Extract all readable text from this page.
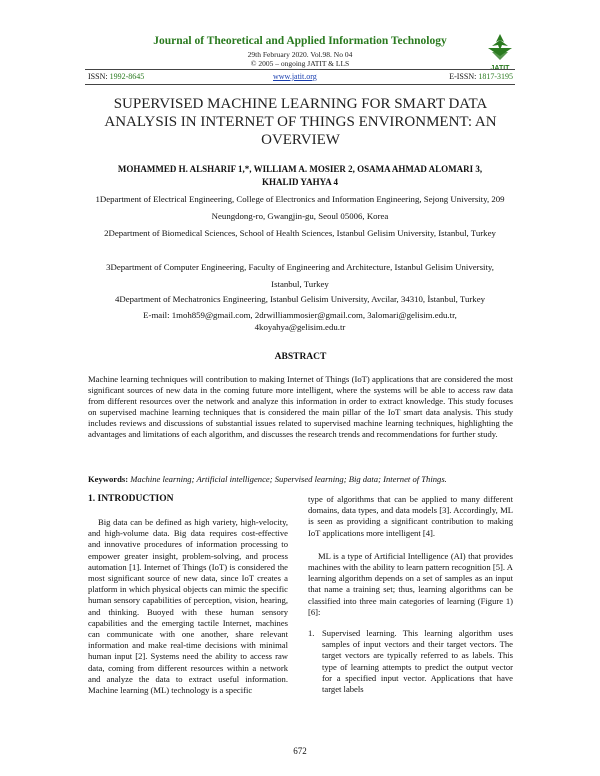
Journal of Theoretical and Applied Information Technology
29th February 2020. Vol.98. No 04
© 2005 – ongoing JATIT & LLS
JATIT
ISSN: 1992-8645	www.jatit.org	E-ISSN: 1817-3195
SUPERVISED MACHINE LEARNING FOR SMART DATA ANALYSIS IN INTERNET OF THINGS ENVIRONMENT: AN OVERVIEW
MOHAMMED H. ALSHARIF 1,*, WILLIAM A. MOSIER 2, OSAMA AHMAD ALOMARI 3,
KHALID YAHYA 4
1Department of Electrical Engineering, College of Electronics and Information Engineering, Sejong University, 209 Neungdong-ro, Gwangjin-gu, Seoul 05006, Korea
2Department of Biomedical Sciences, School of Health Sciences, Istanbul Gelisim University, Istanbul, Turkey
3Department of Computer Engineering, Faculty of Engineering and Architecture, Istanbul Gelisim University, Istanbul, Turkey
4Department of Mechatronics Engineering, Istanbul Gelisim University, Avcilar, 34310, İstanbul, Turkey
E-mail: 1moh859@gmail.com, 2drwilliammosier@gmail.com, 3alomari@gelisim.edu.tr,
4koyahya@gelisim.edu.tr
ABSTRACT
Machine learning techniques will contribution to making Internet of Things (IoT) applications that are considered the most significant sources of new data in the coming future more intelligent, where the systems will be able to access raw data from different resources over the network and analyze this information in order to extract knowledge. This study focuses on supervised machine learning techniques that is considered the main pillar of the IoT smart data analysis. This study includes reviews and discussions of substantial issues related to supervised machine learning techniques, highlighting the advantages and limitations of each algorithm, and discusses the research trends and recommendations for further study.
Keywords: Machine learning; Artificial intelligence; Supervised learning; Big data; Internet of Things.
1. INTRODUCTION
Big data can be defined as high variety, high-velocity, and high-volume data. Big data requires cost-effective and innovative procedures of information processing to empower greater insight, problem-solving, and process automation [1]. Internet of Things (IoT) is considered the most significant source of new data, since IoT creates a platform in which physical objects can mimic the specific human sensory capabilities of perception, vision, hearing, and thinking. Buoyed with these human sensory capabilities and the emerging tactile Internet, machines can communicate with one another, share relevant information and make real-time decisions with minimal human input [2]. Systems need the ability to access raw data, coming from different resources within a network and analyze the data to extract useful information. Machine learning (ML) technology is a specific

type of algorithms that can be applied to many different domains, data types, and data models [3]. Accordingly, ML is seen as providing a significant contribution to making IoT applications more intelligent [4].

ML is a type of Artificial Intelligence (AI) that provides machines with the ability to learn pattern recognition [5]. A learning algorithm depends on a set of samples as an input that name a training set; thus, learning algorithms can be classified into three main categories of learning (Figure 1) [6]:

1. Supervised learning. This learning algorithm uses samples of input vectors and their target vectors. The target vectors are typically referred to as labels. This type of learning attempts to predict the output vector for a specified input vector. Applications that have target labels
672
